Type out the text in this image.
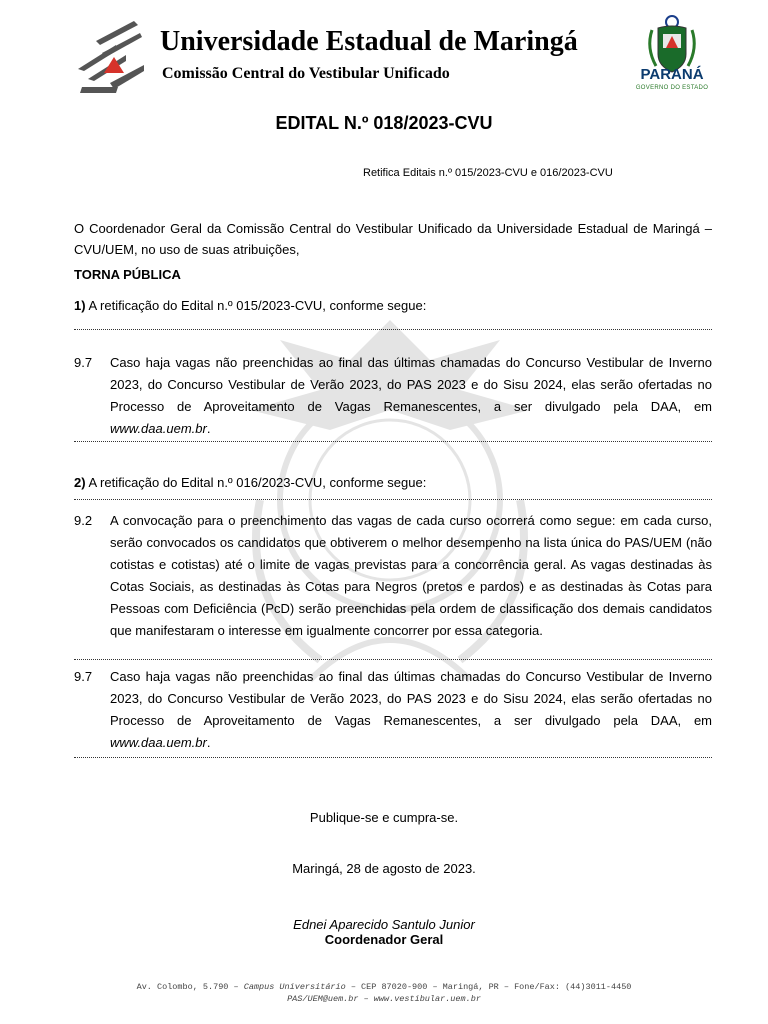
Universidade Estadual de Maringá
Comissão Central do Vestibular Unificado	PARANÁ
GOVERNO DO ESTADO
EDITAL N.º 018/2023-CVU
Retifica Editais n.º 015/2023-CVU e 016/2023-CVU
O Coordenador Geral da Comissão Central do Vestibular Unificado da Universidade Estadual de Maringá – CVU/UEM, no uso de suas atribuições,
TORNA PÚBLICA
1) A retificação do Edital n.º 015/2023-CVU, conforme segue:
9.7 Caso haja vagas não preenchidas ao final das últimas chamadas do Concurso Vestibular de Inverno 2023, do Concurso Vestibular de Verão 2023, do PAS 2023 e do Sisu 2024, elas serão ofertadas no Processo de Aproveitamento de Vagas Remanescentes, a ser divulgado pela DAA, em www.daa.uem.br.
2) A retificação do Edital n.º 016/2023-CVU, conforme segue:
9.2 A convocação para o preenchimento das vagas de cada curso ocorrerá como segue: em cada curso, serão convocados os candidatos que obtiverem o melhor desempenho na lista única do PAS/UEM (não cotistas e cotistas) até o limite de vagas previstas para a concorrência geral. As vagas destinadas às Cotas Sociais, as destinadas às Cotas para Negros (pretos e pardos) e as destinadas às Cotas para Pessoas com Deficiência (PcD) serão preenchidas pela ordem de classificação dos demais candidatos que manifestaram o interesse em igualmente concorrer por essa categoria.
9.7 Caso haja vagas não preenchidas ao final das últimas chamadas do Concurso Vestibular de Inverno 2023, do Concurso Vestibular de Verão 2023, do PAS 2023 e do Sisu 2024, elas serão ofertadas no Processo de Aproveitamento de Vagas Remanescentes, a ser divulgado pela DAA, em www.daa.uem.br.
Publique-se e cumpra-se.
Maringá, 28 de agosto de 2023.
Ednei Aparecido Santulo Junior
Coordenador Geral
Av. Colombo, 5.790 – Campus Universitário – CEP 87020-900 – Maringá, PR – Fone/Fax: (44)3011-4450
PAS/UEM@uem.br – www.vestibular.uem.br
